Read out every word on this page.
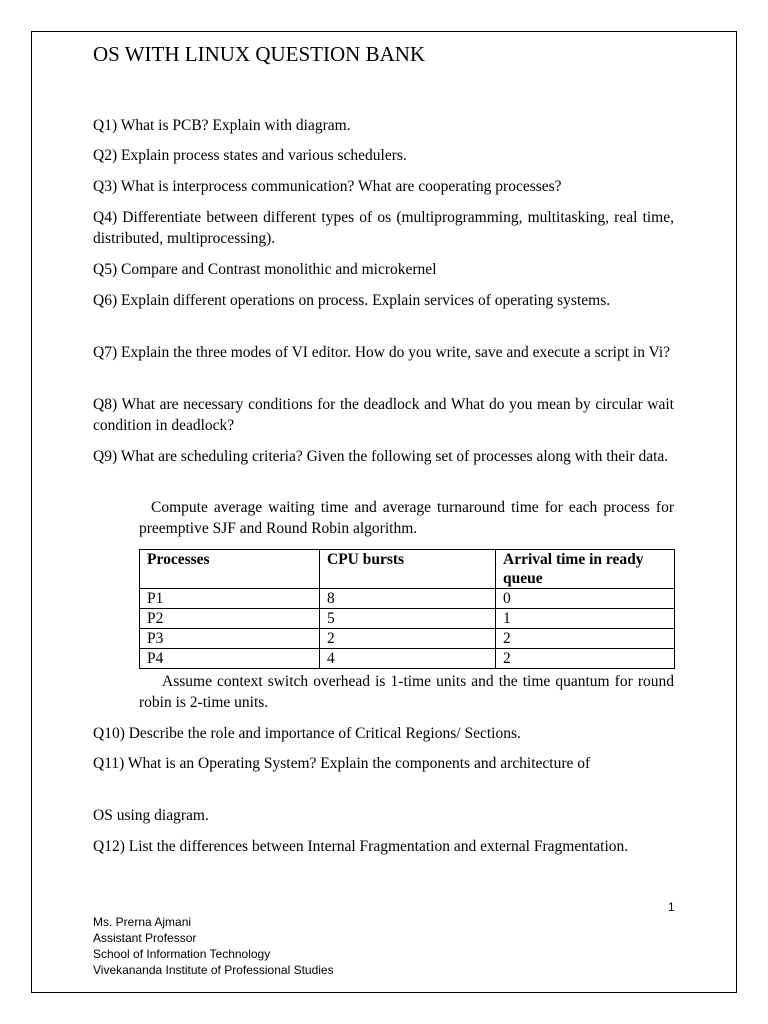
OS WITH LINUX QUESTION BANK

Q1) What is PCB? Explain with diagram.

Q2) Explain process states and various schedulers.

Q3) What is interprocess communication? What are cooperating processes?

Q4) Differentiate between different types of os (multiprogramming, multitasking, real time, distributed, multiprocessing).

Q5) Compare and Contrast monolithic and microkernel

Q6) Explain different operations on process. Explain services of operating systems.

Q7) Explain the three modes of VI editor. How do you write, save and execute a script in Vi?

Q8) What are necessary conditions for the deadlock and What do you mean by circular wait condition in deadlock?

Q9) What are scheduling criteria? Given the following set of processes along with their data.

Compute average waiting time and average turnaround time for each process for preemptive SJF and Round Robin algorithm.

Processes	CPU bursts	Arrival time in ready queue
P1	8	0
P2	5	1
P3	2	2
P4	4	2

Assume context switch overhead is 1-time units and the time quantum for round robin is 2-time units.

Q10) Describe the role and importance of Critical Regions/ Sections.

Q11) What is an Operating System? Explain the components and architecture of

OS using diagram.

Q12) List the differences between Internal Fragmentation and external Fragmentation.

1
Ms. Prerna Ajmani
Assistant Professor
School of Information Technology
Vivekananda Institute of Professional Studies
